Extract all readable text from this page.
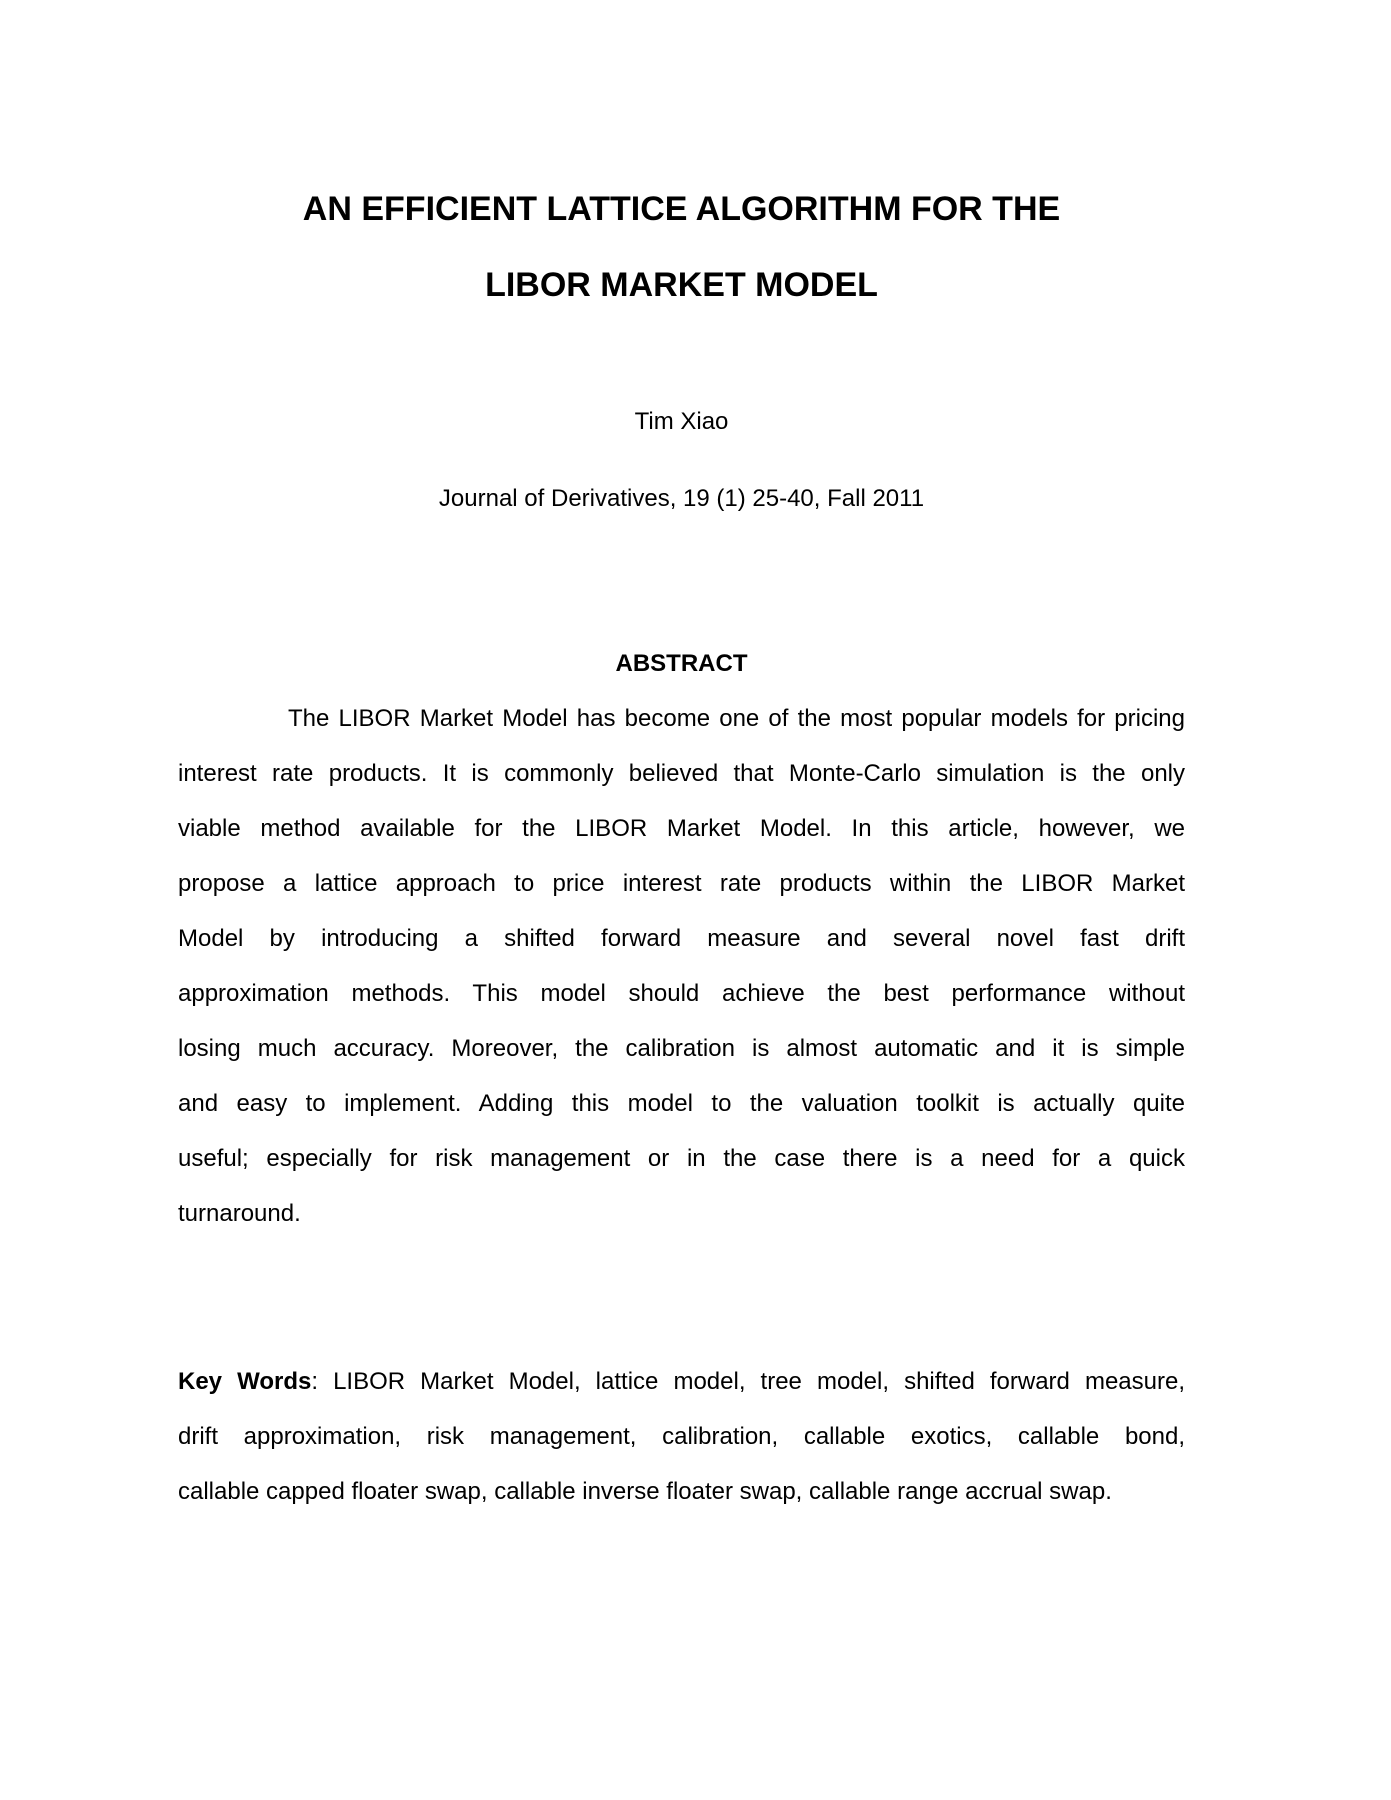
AN EFFICIENT LATTICE ALGORITHM FOR THE
LIBOR MARKET MODEL
Tim Xiao
Journal of Derivatives, 19 (1) 25-40, Fall 2011
ABSTRACT
The LIBOR Market Model has become one of the most popular models for pricing
interest rate products. It is commonly believed that Monte-Carlo simulation is the only
viable method available for the LIBOR Market Model. In this article, however, we
propose a lattice approach to price interest rate products within the LIBOR Market
Model by introducing a shifted forward measure and several novel fast drift
approximation methods. This model should achieve the best performance without
losing much accuracy. Moreover, the calibration is almost automatic and it is simple
and easy to implement. Adding this model to the valuation toolkit is actually quite
useful; especially for risk management or in the case there is a need for a quick
turnaround.
Key Words: LIBOR Market Model, lattice model, tree model, shifted forward measure,
drift approximation, risk management, calibration, callable exotics, callable bond,
callable capped floater swap, callable inverse floater swap, callable range accrual swap.
